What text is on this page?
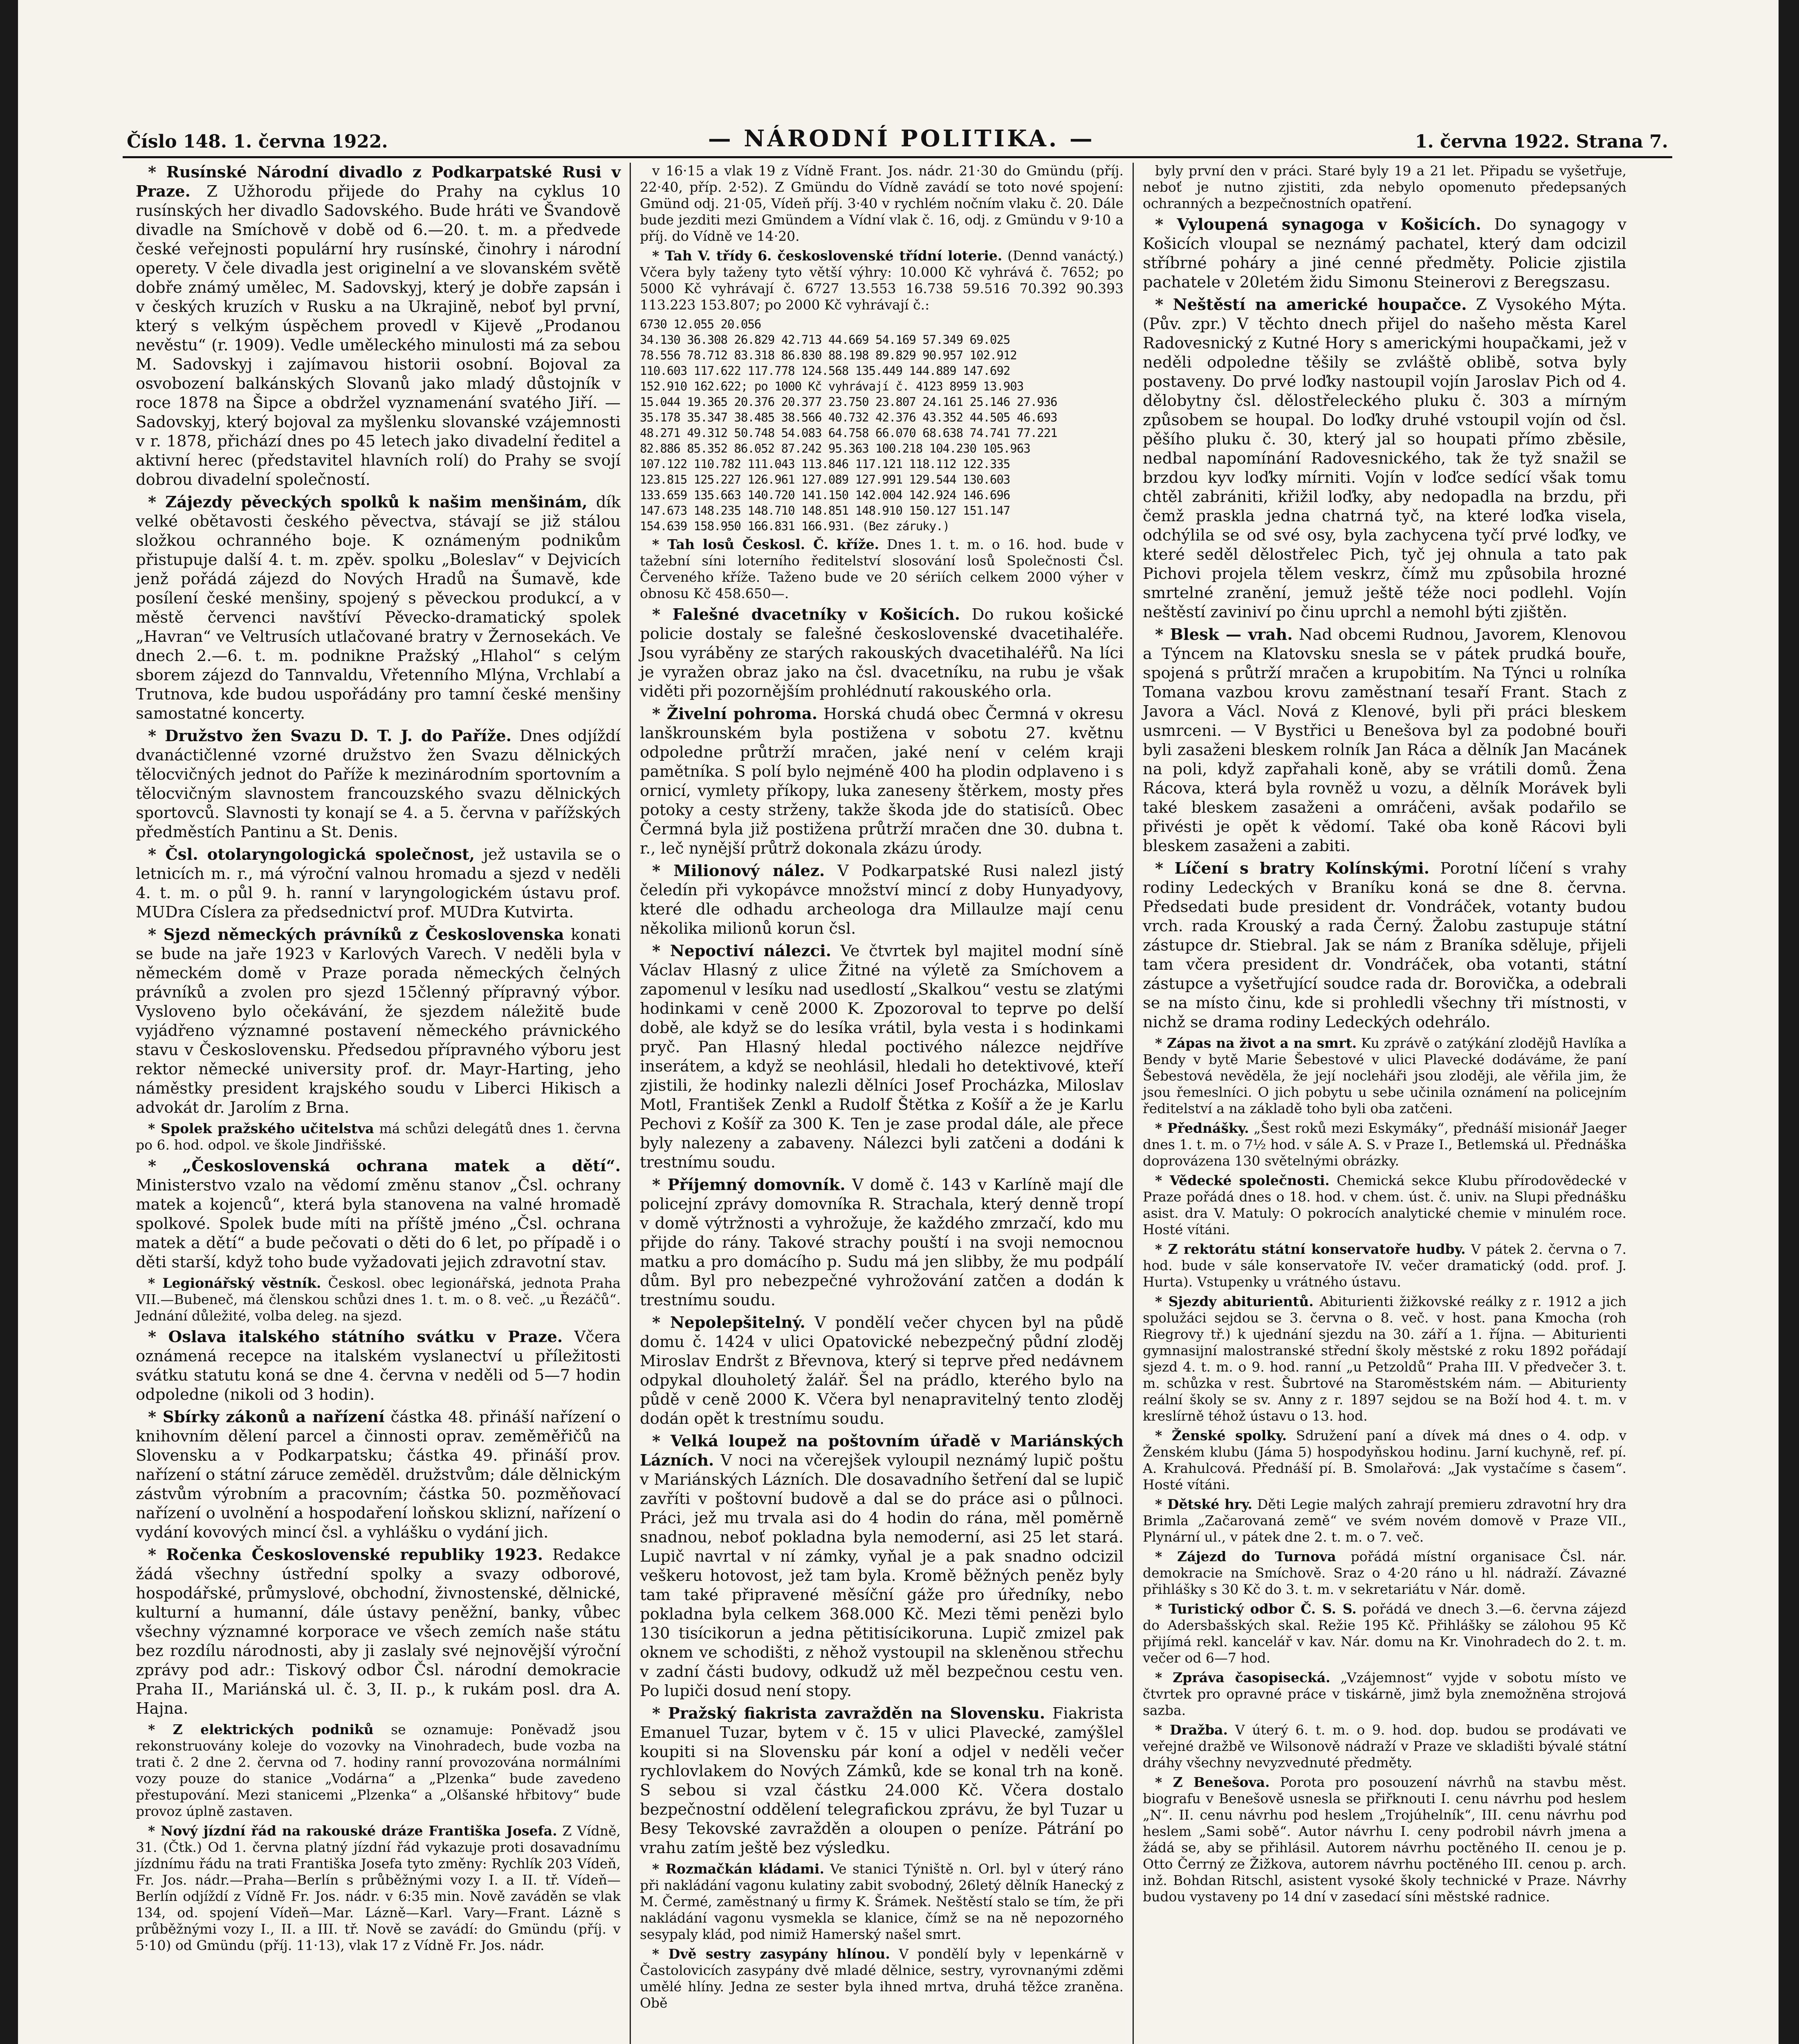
Číslo 148. 1. června 1922.	— NÁRODNÍ POLITIKA. —	1. června 1922. Strana 7.

* Rusínské Národní divadlo z Podkarpatské Rusi v Praze. Z Užhorodu přijede do Prahy na cyklus 10 rusínských her divadlo Sadovského. Bude hráti ve Švandově divadle na Smíchově v době od 6.—20. t. m. a předvede české veřejnosti populární hry rusínské, činohry i národní operety. V čele divadla jest originelní a ve slovanském světě dobře známý umělec, M. Sadovskyj, který je dobře zapsán i v českých kruzích v Rusku a na Ukrajině, neboť byl první, který s velkým úspěchem provedl v Kijevě „Prodanou nevěstu“ (r. 1909). Vedle uměleckého minulosti má za sebou M. Sadovskyj i zajímavou historii osobní. Bojoval za osvobození balkánských Slovanů jako mladý důstojník v roce 1878 na Šipce a obdržel vyznamenání svatého Jiří. — Sadovskyj, který bojoval za myšlenku slovanské vzájemnosti v r. 1878, přichází dnes po 45 letech jako divadelní ředitel a aktivní herec (představitel hlavních rolí) do Prahy se svojí dobrou divadelní společností.

* Zájezdy pěveckých spolků k našim menšinám, dík velké obětavosti českého pěvectva, stávají se již stálou složkou ochranného boje. K oznámeným podnikům přistupuje další 4. t. m. zpěv. spolku „Boleslav“ v Dejvicích jenž pořádá zájezd do Nových Hradů na Šumavě, kde posílení české menšiny, spojený s pěveckou produkcí, a v městě červenci navštíví Pěvecko-dramatický spolek „Havran“ ve Veltrusích utlačované bratry v Žernosekách. Ve dnech 2.—6. t. m. podnikne Pražský „Hlahol“ s celým sborem zájezd do Tannvaldu, Vřetenního Mlýna, Vrchlabí a Trutnova, kde budou uspořádány pro tamní české menšiny samostatné koncerty.

* Družstvo žen Svazu D. T. J. do Paříže. Dnes odjíždí dvanáctičlenné vzorné družstvo žen Svazu dělnických tělocvičných jednot do Paříže k mezinárodním sportovním a tělocvičným slavnostem francouzského svazu dělnických sportovců. Slavnosti ty konají se 4. a 5. června v pařížských předměstích Pantinu a St. Denis.

* Čsl. otolaryngologická společnost, jež ustavila se o letnicích m. r., má výroční valnou hromadu a sjezd v neděli 4. t. m. o půl 9. h. ranní v laryngologickém ústavu prof. MUDra Císlera za předsednictví prof. MUDra Kutvirta.

* Sjezd německých právníků z Československa konati se bude na jaře 1923 v Karlových Varech. V neděli byla v německém domě v Praze porada německých čelných právníků a zvolen pro sjezd 15členný přípravný výbor. Vysloveno bylo očekávání, že sjezdem náležitě bude vyjádřeno významné postavení německého právnického stavu v Československu. Předsedou přípravného výboru jest rektor německé university prof. dr. Mayr-Harting, jeho náměstky president krajského soudu v Liberci Hikisch a advokát dr. Jarolím z Brna.

* Spolek pražského učitelstva má schůzi delegátů dnes 1. června po 6. hod. odpol. ve škole Jindřišské.

* „Československá ochrana matek a dětí“. Ministerstvo vzalo na vědomí změnu stanov „Čsl. ochrany matek a kojenců“, která byla stanovena na valné hromadě spolkové. Spolek bude míti na příště jméno „Čsl. ochrana matek a dětí“ a bude pečovati o děti do 6 let, po případě i o děti starší, když toho bude vyžadovati jejich zdravotní stav.

* Legionářský věstník. Českosl. obec legionářská, jednota Praha VII.—Bubeneč, má členskou schůzi dnes 1. t. m. o 8. več. „u Řezáčů“. Jednání důležité, volba deleg. na sjezd.

* Oslava italského státního svátku v Praze. Včera oznámená recepce na italském vyslanectví u příležitosti svátku statutu koná se dne 4. června v neděli od 5—7 hodin odpoledne (nikoli od 3 hodin).

* Sbírky zákonů a nařízení částka 48. přináší nařízení o knihovním dělení parcel a činnosti oprav. zeměměřičů na Slovensku a v Podkarpatsku; částka 49. přináší prov. nařízení o státní záruce zeměděl. družstvům; dále dělnickým zástvům výrobním a pracovním; částka 50. pozměňovací nařízení o uvolnění a hospodaření loňskou sklizní, nařízení o vydání kovových mincí čsl. a vyhlášku o vydání jich.

* Ročenka Československé republiky 1923. Redakce žádá všechny ústřední spolky a svazy odborové, hospodářské, průmyslové, obchodní, živnostenské, dělnické, kulturní a humanní, dále ústavy peněžní, banky, vůbec všechny významné korporace ve všech zemích naše státu bez rozdílu národnosti, aby ji zaslaly své nejnovější výroční zprávy pod adr.: Tiskový odbor Čsl. národní demokracie Praha II., Mariánská ul. č. 3, II. p., k rukám posl. dra A. Hajna.

* Z elektrických podniků se oznamuje: Poněvadž jsou rekonstruovány koleje do vozovky na Vinohradech, bude vozba na trati č. 2 dne 2. června od 7. hodiny ranní provozována normálními vozy pouze do stanice „Vodárna“ a „Plzenka“ bude zavedeno přestupování. Mezi stanicemi „Plzenka“ a „Olšanské hřbitovy“ bude provoz úplně zastaven.

* Nový jízdní řád na rakouské dráze Františka Josefa. Z Vídně, 31. (Čtk.) Od 1. června platný jízdní řád vykazuje proti dosavadnímu jízdnímu řádu na trati Františka Josefa tyto změny: Rychlík 203 Vídeň, Fr. Jos. nádr.—Praha—Berlín s průběžnými vozy I. a II. tř. Vídeň—Berlín odjíždí z Vídně Fr. Jos. nádr. v 6:35 min. Nově zaváděn se vlak 134, od. spojení Vídeň—Mar. Lázně—Karl. Vary—Frant. Lázně s průběžnými vozy I., II. a III. tř. Nově se zavádí: do Gmündu (příj. v 5·10) od Gmündu (příj. 11·13), vlak 17 z Vídně Fr. Jos. nádr.

v 16·15 a vlak 19 z Vídně Frant. Jos. nádr. 21·30 do Gmündu (příj. 22·40, příp. 2·52). Z Gmündu do Vídně zavádí se toto nové spojení: Gmünd odj. 21·05, Vídeň příj. 3·40 v rychlém nočním vlaku č. 20. Dále bude jezditi mezi Gmündem a Vídní vlak č. 16, odj. z Gmündu v 9·10 a příj. do Vídně ve 14·20.

* Tah V. třídy 6. československé třídní loterie. (Dennd vanáctý.) Včera byly taženy tyto větší výhry: 10.000 Kč vyhrává č. 7652; po 5000 Kč vyhrávají č. 6727 13.553 16.738 59.516 70.392 90.393 113.223 153.807; po 2000 Kč vyhrávají č.:

6730 12.055 20.056
34.130 36.308 26.829 42.713 44.669 54.169 57.349 69.025
78.556 78.712 83.318 86.830 88.198 89.829 90.957 102.912
110.603 117.622 117.778 124.568 135.449 144.889 147.692
152.910 162.622; po 1000 Kč vyhrávají č. 4123 8959 13.903
15.044 19.365 20.376 20.377 23.750 23.807 24.161 25.146 27.936
35.178 35.347 38.485 38.566 40.732 42.376 43.352 44.505 46.693
48.271 49.312 50.748 54.083 64.758 66.070 68.638 74.741 77.221
82.886 85.352 86.052 87.242 95.363 100.218 104.230 105.963
107.122 110.782 111.043 113.846 117.121 118.112 122.335
123.815 125.227 126.961 127.089 127.991 129.544 130.603
133.659 135.663 140.720 141.150 142.004 142.924 146.696
147.673 148.235 148.710 148.851 148.910 150.127 151.147
154.639 158.950 166.831 166.931. (Bez záruky.)

* Tah losů Českosl. Č. kříže. Dnes 1. t. m. o 16. hod. bude v tažební síni loterního ředitelství slosování losů Společnosti Čsl. Červeného kříže. Taženo bude ve 20 sériích celkem 2000 výher v obnosu Kč 458.650—.

* Falešné dvacetníky v Košicích. Do rukou košické policie dostaly se falešné československé dvacetihaléře. Jsou vyráběny ze starých rakouských dvacetihaléřů. Na líci je vyražen obraz jako na čsl. dvacetníku, na rubu je však viděti při pozornějším prohlédnutí rakouského orla.

* Živelní pohroma. Horská chudá obec Čermná v okresu lanškrounském byla postižena v sobotu 27. květnu odpoledne průtrží mračen, jaké není v celém kraji pamětníka. S polí bylo nejméně 400 ha plodin odplaveno i s ornicí, vymlety příkopy, luka zaneseny štěrkem, mosty přes potoky a cesty strženy, takže škoda jde do statisíců. Obec Čermná byla již postižena průtrží mračen dne 30. dubna t. r., leč nynější průtrž dokonala zkázu úrody.

* Milionový nález. V Podkarpatské Rusi nalezl jistý čeledín při vykopávce množství mincí z doby Hunyadyovy, které dle odhadu archeologa dra Millaulze mají cenu několika milionů korun čsl.

* Nepoctiví nálezci. Ve čtvrtek byl majitel modní síně Václav Hlasný z ulice Žitné na výletě za Smíchovem a zapomenul v lesíku nad usedlostí „Skalkou“ vestu se zlatými hodinkami v ceně 2000 K. Zpozoroval to teprve po delší době, ale když se do lesíka vrátil, byla vesta i s hodinkami pryč. Pan Hlasný hledal poctivého nálezce nejdříve inserátem, a když se neohlásil, hledali ho detektivové, kteří zjistili, že hodinky nalezli dělníci Josef Procházka, Miloslav Motl, František Zenkl a Rudolf Štětka z Košíř a že je Karlu Pechovi z Košíř za 300 K. Ten je zase prodal dále, ale přece byly nalezeny a zabaveny. Nálezci byli zatčeni a dodáni k trestnímu soudu.

* Příjemný domovník. V domě č. 143 v Karlíně mají dle policejní zprávy domovníka R. Strachala, který denně tropí v domě výtržnosti a vyhrožuje, že každého zmrzačí, kdo mu přijde do rány. Takové strachy pouští i na svoji nemocnou matku a pro domácího p. Sudu má jen slibby, že mu podpálí dům. Byl pro nebezpečné vyhrožování zatčen a dodán k trestnímu soudu.

* Nepolepšitelný. V pondělí večer chycen byl na půdě domu č. 1424 v ulici Opatovické nebezpečný půdní zloděj Miroslav Endršt z Břevnova, který si teprve před nedávnem odpykal dlouholetý žalář. Šel na prádlo, kterého bylo na půdě v ceně 2000 K. Včera byl nenapravitelný tento zloděj dodán opět k trestnímu soudu.

* Velká loupež na poštovním úřadě v Mariánských Lázních. V noci na včerejšek vyloupil neznámý lupič poštu v Mariánských Lázních. Dle dosavadního šetření dal se lupič zavříti v poštovní budově a dal se do práce asi o půlnoci. Práci, jež mu trvala asi do 4 hodin do rána, měl poměrně snadnou, neboť pokladna byla nemoderní, asi 25 let stará. Lupič navrtal v ní zámky, vyňal je a pak snadno odcizil veškeru hotovost, jež tam byla. Kromě běžných peněz byly tam také připravené měsíční gáže pro úředníky, nebo pokladna byla celkem 368.000 Kč. Mezi těmi penězi bylo 130 tisícikorun a jedna pětitisícikoruna. Lupič zmizel pak oknem ve schodišti, z něhož vystoupil na skleněnou střechu v zadní části budovy, odkudž už měl bezpečnou cestu ven. Po lupiči dosud není stopy.

* Pražský fiakrista zavražděn na Slovensku. Fiakrista Emanuel Tuzar, bytem v č. 15 v ulici Plavecké, zamýšlel koupiti si na Slovensku pár koní a odjel v neděli večer rychlovlakem do Nových Zámků, kde se konal trh na koně. S sebou si vzal částku 24.000 Kč. Včera dostalo bezpečnostní oddělení telegrafickou zprávu, že byl Tuzar u Besy Tekovské zavražděn a oloupen o peníze. Pátrání po vrahu zatím ještě bez výsledku.

* Rozmačkán kládami. Ve stanici Týniště n. Orl. byl v úterý ráno při nakládání vagonu kulatiny zabit svobodný, 26letý dělník Hanecký z M. Čermé, zaměstnaný u firmy K. Šrámek. Neštěstí stalo se tím, že při nakládání vagonu vysmekla se klanice, čímž se na ně nepozorného sesypaly klád, pod nimiž Hamerský našel smrt.

* Dvě sestry zasypány hlínou. V pondělí byly v lepenkárně v Častolovicích zasypány dvě mladé dělnice, sestry, vyrovnanými zděmi umělé hlíny. Jedna ze sester byla ihned mrtva, druhá těžce zraněna. Obě

byly první den v práci. Staré byly 19 a 21 let. Připadu se vyšetřuje, neboť je nutno zjistiti, zda nebylo opomenuto předepsaných ochranných a bezpečnostních opatření.

* Vyloupená synagoga v Košicích. Do synagogy v Košicích vloupal se neznámý pachatel, který dam odcizil stříbrné poháry a jiné cenné předměty. Policie zjistila pachatele v 20letém židu Simonu Steinerovi z Beregszasu.

* Neštěstí na americké houpačce. Z Vysokého Mýta. (Pův. zpr.) V těchto dnech přijel do našeho města Karel Radovesnický z Kutné Hory s americkými houpačkami, jež v neděli odpoledne těšily se zvláště oblibě, sotva byly postaveny. Do prvé loďky nastoupil vojín Jaroslav Pich od 4. dělobytny čsl. dělostřeleckého pluku č. 303 a mírným způsobem se houpal. Do loďky druhé vstoupil vojín od čsl. pěšího pluku č. 30, který jal so houpati přímo zběsile, nedbal napomínání Radovesnického, tak že tyž snažil se brzdou kyv loďky mírniti. Vojín v loďce sedící však tomu chtěl zabrániti, křižil loďky, aby nedopadla na brzdu, při čemž praskla jedna chatrná tyč, na které loďka visela, odchýlila se od své osy, byla zachycena tyčí prvé loďky, ve které seděl dělostřelec Pich, tyč jej ohnula a tato pak Pichovi projela tělem veskrz, čímž mu způsobila hrozné smrtelné zranění, jemuž ještě téže noci podlehl. Vojín neštěstí zaviniví po činu uprchl a nemohl býti zjištěn.

* Blesk — vrah. Nad obcemi Rudnou, Javorem, Klenovou a Týncem na Klatovsku snesla se v pátek prudká bouře, spojená s průtrží mračen a krupobitím. Na Týnci u rolníka Tomana vazbou krovu zaměstnaní tesaří Frant. Stach z Javora a Václ. Nová z Klenové, byli při práci bleskem usmrceni. — V Bystřici u Benešova byl za podobné bouři byli zasaženi bleskem rolník Jan Rácа a dělník Jan Macánek na poli, když zapřahali koně, aby se vrátili domů. Žena Rácova, která byla rovněž u vozu, a dělník Morávek byli také bleskem zasaženi a omráčeni, avšak podařilo se přivésti je opět k vědomí. Také oba koně Rácovi byli bleskem zasaženi a zabiti.

* Líčení s bratry Kolínskými. Porotní líčení s vrahy rodiny Ledeckých v Braníku koná se dne 8. června. Předsedati bude president dr. Vondráček, votanty budou vrch. rada Krouský a rada Černý. Žalobu zastupuje státní zástupce dr. Stiebral. Jak se nám z Braníka sděluje, přijeli tam včera president dr. Vondráček, oba votanti, státní zástupce a vyšetřující soudce rada dr. Borovička, a odebrali se na místo činu, kde si prohledli všechny tři místnosti, v nichž se drama rodiny Ledeckých odehrálo.

* Zápas na život a na smrt. Ku zprávě o zatýkání zlodějů Havlíka a Bendy v bytě Marie Šebestové v ulici Plavecké dodáváme, že paní Šebestová nevěděla, že její nocleháři jsou zloději, ale věřila jim, že jsou řemeslníci. O jich pobytu u sebe učinila oznámení na policejním ředitelství a na základě toho byli oba zatčeni.

* Přednášky. „Šest roků mezi Eskymáky“, přednáší misionář Jaeger dnes 1. t. m. o 7½ hod. v sále A. S. v Praze I., Betlemská ul. Přednáška doprovázena 130 světelnými obrázky.

* Vědecké společnosti. Chemická sekce Klubu přírodovědecké v Praze pořádá dnes o 18. hod. v chem. úst. č. univ. na Slupi přednášku asist. dra V. Matuly: O pokrocích analytické chemie v minulém roce. Hosté vítáni.

* Z rektorátu státní konservatoře hudby. V pátek 2. června o 7. hod. bude v sále konservatoře IV. večer dramatický (odd. prof. J. Hurta). Vstupenky u vrátného ústavu.

* Sjezdy abiturientů. Abiturienti žižkovské reálky z r. 1912 a jich spolužáci sejdou se 3. června o 8. več. v host. pana Kmocha (roh Riegrovy tř.) k ujednání sjezdu na 30. září a 1. října. — Abiturienti gymnasijní malostranské střední školy městské z roku 1892 pořádají sjezd 4. t. m. o 9. hod. ranní „u Petzoldů“ Praha III. V předvečer 3. t. m. schůzka v rest. Šubrtové na Staroměstském nám. — Abiturienty reální školy se sv. Anny z r. 1897 sejdou se na Boží hod 4. t. m. v kreslírně téhož ústavu o 13. hod.

* Ženské spolky. Sdružení paní a dívek má dnes o 4. odp. v Ženském klubu (Jáma 5) hospodyňskou hodinu. Jarní kuchyně, ref. pí. A. Krahulcová. Přednáší pí. B. Smolařová: „Jak vystačíme s časem“. Hosté vítáni.

* Dětské hry. Děti Legie malých zahrají premieru zdravotní hry dra Brimla „Začarovaná země“ ve svém novém domově v Praze VII., Plynární ul., v pátek dne 2. t. m. o 7. več.

* Zájezd do Turnova pořádá místní organisace Čsl. nár. demokracie na Smíchově. Sraz o 4·20 ráno u hl. nádraží. Závazné přihlášky s 30 Kč do 3. t. m. v sekretariátu v Nár. domě.

* Turistický odbor Č. S. S. pořádá ve dnech 3.—6. června zájezd do Adersbašských skal. Režie 195 Kč. Přihlášky se zálohou 95 Kč přijímá rekl. kancelář v kav. Nár. domu na Kr. Vinohradech do 2. t. m. večer od 6—7 hod.

* Zpráva časopisecká. „Vzájemnost“ vyjde v sobotu místo ve čtvrtek pro opravné práce v tiskárně, jimž byla znemožněna strojová sazba.

* Dražba. V úterý 6. t. m. o 9. hod. dop. budou se prodávati ve veřejné dražbě ve Wilsonově nádraží v Praze ve skladišti bývalé státní dráhy všechny nevyzvednuté předměty.

* Z Benešova. Porota pro posouzení návrhů na stavbu měst. biografu v Benešově usnesla se přiřknouti I. cenu návrhu pod heslem „N“. II. cenu návrhu pod heslem „Trojúhelník“, III. cenu návrhu pod heslem „Sami sobě“. Autor návrhu I. ceny podrobil návrh jmena a žádá se, aby se přihlásil. Autorem návrhu poctěného II. cenou je p. Otto Čerrný ze Žižkova, autorem návrhu poctěného III. cenou p. arch. inž. Bohdan Ritschl, asistent vysoké školy technické v Praze. Návrhy budou vystaveny po 14 dní v zasedací síni městské radnice.
